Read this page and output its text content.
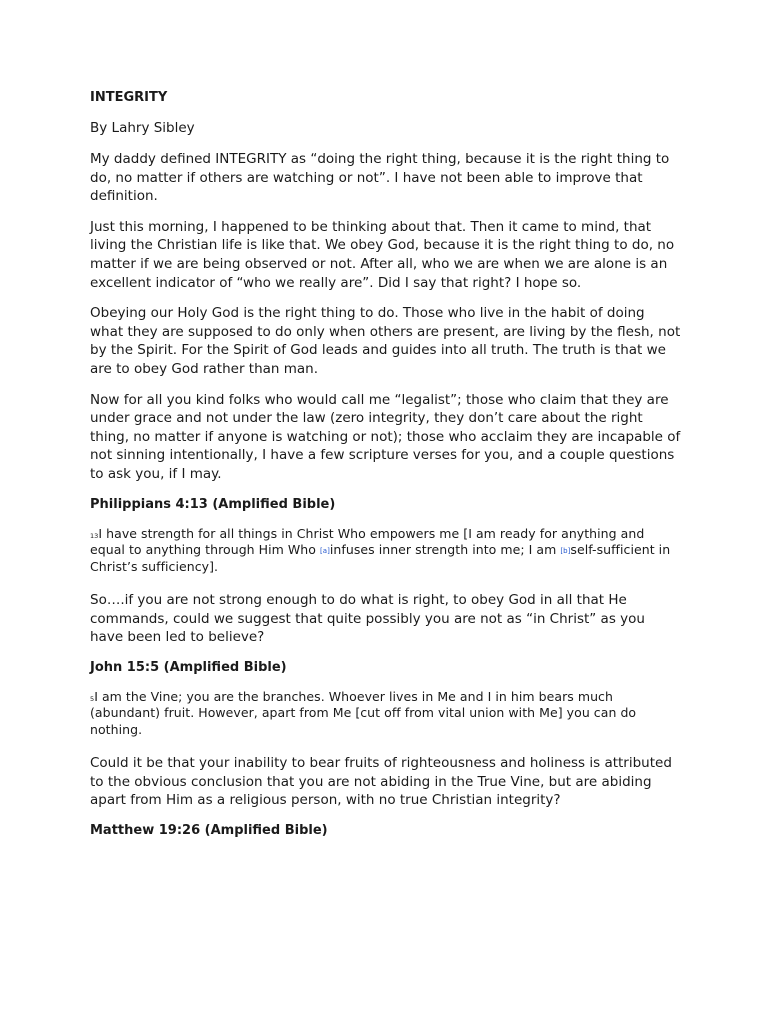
INTEGRITY

By Lahry Sibley

My daddy defined INTEGRITY as “doing the right thing, because it is the right thing to do, no matter if others are watching or not”. I have not been able to improve that definition.

Just this morning, I happened to be thinking about that. Then it came to mind, that living the Christian life is like that. We obey God, because it is the right thing to do, no matter if we are being observed or not. After all, who we are when we are alone is an excellent indicator of “who we really are”. Did I say that right? I hope so.

Obeying our Holy God is the right thing to do. Those who live in the habit of doing what they are supposed to do only when others are present, are living by the flesh, not by the Spirit. For the Spirit of God leads and guides into all truth. The truth is that we are to obey God rather than man.

Now for all you kind folks who would call me “legalist”; those who claim that they are under grace and not under the law (zero integrity, they don’t care about the right thing, no matter if anyone is watching or not); those who acclaim they are incapable of not sinning intentionally, I have a few scripture verses for you, and a couple questions to ask you, if I may.

Philippians 4:13 (Amplified Bible)

$^{13}$I have strength for all things in Christ Who empowers me [I am ready for anything and equal to anything through Him Who [a]infuses inner strength into me; I am [b]self-sufficient in Christ’s sufficiency].

So….if you are not strong enough to do what is right, to obey God in all that He commands, could we suggest that quite possibly you are not as “in Christ” as you have been led to believe?

John 15:5 (Amplified Bible)

$^5$I am the Vine; you are the branches. Whoever lives in Me and I in him bears much (abundant) fruit. However, apart from Me [cut off from vital union with Me] you can do nothing.

Could it be that your inability to bear fruits of righteousness and holiness is attributed to the obvious conclusion that you are not abiding in the True Vine, but are abiding apart from Him as a religious person, with no true Christian integrity?

Matthew 19:26 (Amplified Bible)
